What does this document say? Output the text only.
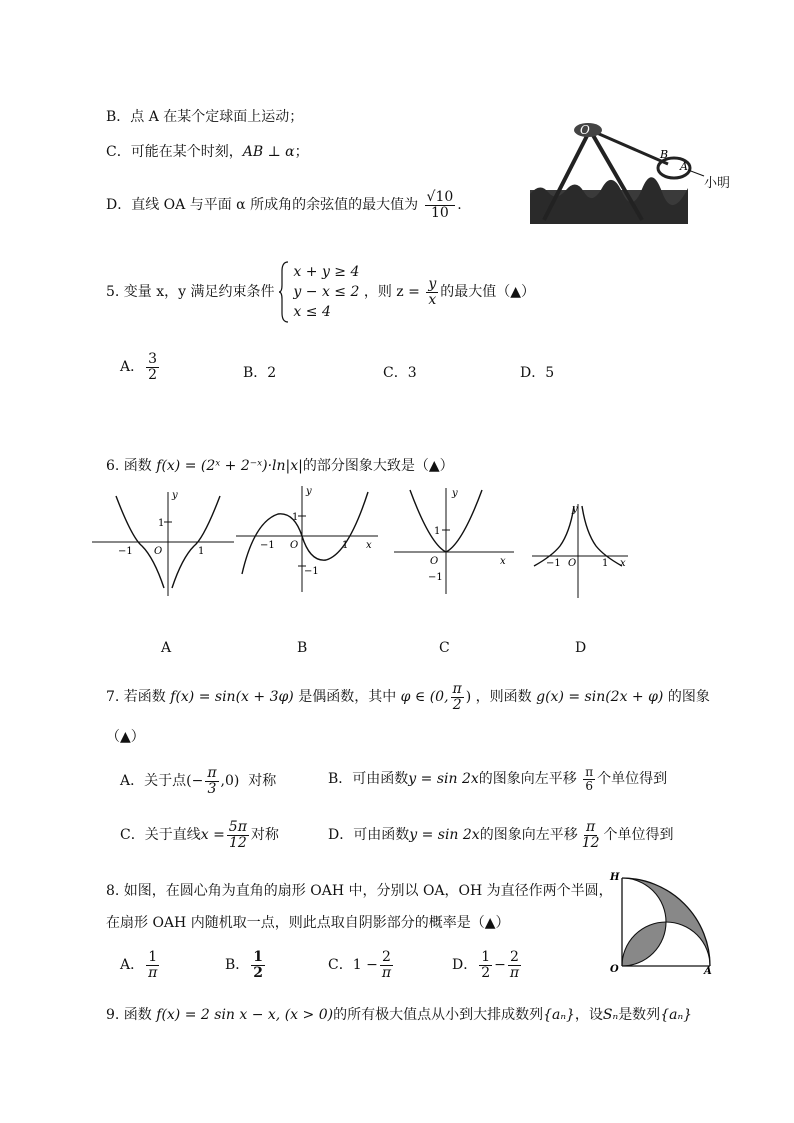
B．点 A 在某个定球面上运动；
C．可能在某个时刻，AB ⊥ α；
D．直线 OA 与平面 α 所成角的余弦值的最大值为 $\frac{√10}{10}$ .
O
B
A
小明
5. 变量 x，y 满足约束条件
x + y ≥ 4
y − x ≤ 2
x ≤ 4
，则 $z = \frac{y}{x}$ 的最大值（▲）
A． $\frac{3}{2}$	B．2	C．3	D．5
6. 函数 f(x) = (2ˣ + 2⁻ˣ)·ln|x|的部分图象大致是（▲）
y
1
−1 O	1
y
1
−1 O	1 x
−1
y
1
O	x
−1
y
−1 O	1 x
A	B	C	D
7. 若函数 f(x) = sin(x + 3φ) 是偶函数，其中 φ ∈ (0, $\frac{\pi}{2}$ ) ，则函数 g(x) = sin(2x + φ) 的图象
（▲）
A．关于点(− $\frac{\pi}{3} ,0$) 对称	B．可由函数y = sin 2x的图象向左平移 $\frac{\pi}{6}$ 个单位得到
C．关于直线$x = \frac{5\pi}{12}$ 对称	D．可由函数y = sin 2x的图象向左平移 $\frac{\pi}{12}$ 个单位得到
8. 如图，在圆心角为直角的扇形 OAH 中，分别以 OA，OH 为直径作两个半圆，
在扇形 OAH 内随机取一点，则此点取自阴影部分的概率是（▲）
A． $\frac{1}{\pi}$	B． $\frac{1}{2}$	C．$1 - \frac{2}{\pi}$	D． $\frac{1}{2} - \frac{2}{\pi}$
H
O	A
9. 函数 f(x) = 2 sin x − x, (x > 0)的所有极大值点从小到大排成数列{aₙ}，设Sₙ是数列{aₙ}
